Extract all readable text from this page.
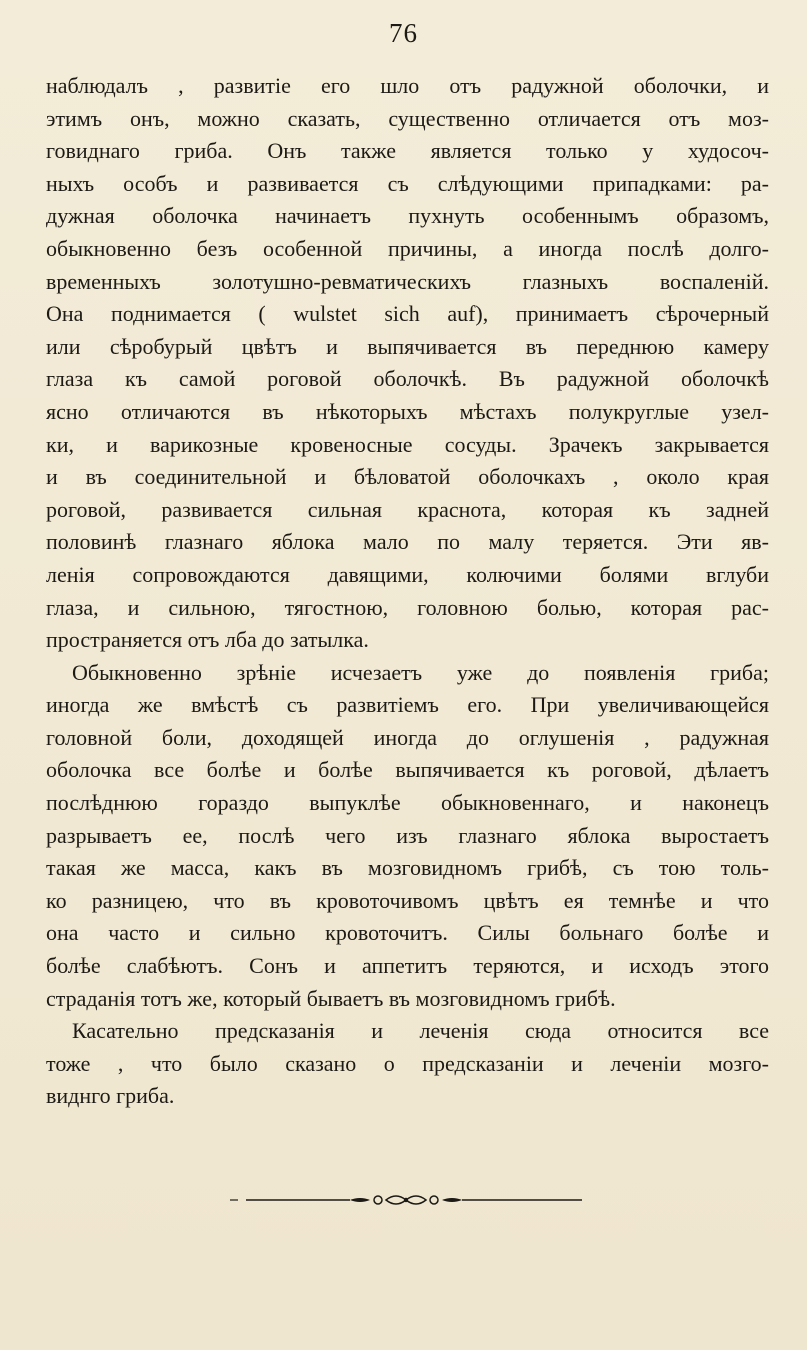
76

наблюдалъ , развитіе его шло отъ радужной оболочки, и
этимъ онъ, можно сказать, существенно отличается отъ моз-
говиднаго гриба. Онъ также является только у худосоч-
ныхъ особъ и развивается съ слѣдующими припадками: ра-
дужная оболочка начинаетъ пухнуть особеннымъ образомъ,
обыкновенно безъ особенной причины, а иногда послѣ долго-
временныхъ золотушно-ревматическихъ глазныхъ воспаленій.
Она поднимается ( wulstet sich auf), принимаетъ сѣрочерный
или сѣробурый цвѣтъ и выпячивается въ переднюю камеру
глаза къ самой роговой оболочкѣ. Въ радужной оболочкѣ
ясно отличаются въ нѣкоторыхъ мѣстахъ полукруглые узел-
ки, и варикозные кровеносные сосуды. Зрачекъ закрывается
и въ соединительной и бѣловатой оболочкахъ , около края
роговой, развивается сильная краснота, которая къ задней
половинѣ глазнаго яблока мало по малу теряется. Эти яв-
ленія сопровождаются давящими, колючими болями вглуби
глаза, и сильною, тягостною, головною болью, которая рас-
пространяется отъ лба до затылка.

Обыкновенно зрѣніе исчезаетъ уже до появленія гриба;
иногда же вмѣстѣ съ развитіемъ его. При увеличивающейся
головной боли, доходящей иногда до оглушенія , радужная
оболочка все болѣе и болѣе выпячивается къ роговой, дѣлаетъ
послѣднюю гораздо выпуклѣе обыкновеннаго, и наконецъ
разрываетъ ее, послѣ чего изъ глазнаго яблока выростаетъ
такая же масса, какъ въ мозговидномъ грибѣ, съ тою толь-
ко разницею, что въ кровоточивомъ цвѣтъ ея темнѣе и что
она часто и сильно кровоточитъ. Силы больнаго болѣе и
болѣе слабѣютъ. Сонъ и аппетитъ теряются, и исходъ этого
страданія тотъ же, который бываетъ въ мозговидномъ грибѣ.

Касательно предсказанія и леченія сюда относится все
тоже , что было сказано о предсказаніи и леченіи мозго-
виднго гриба.
